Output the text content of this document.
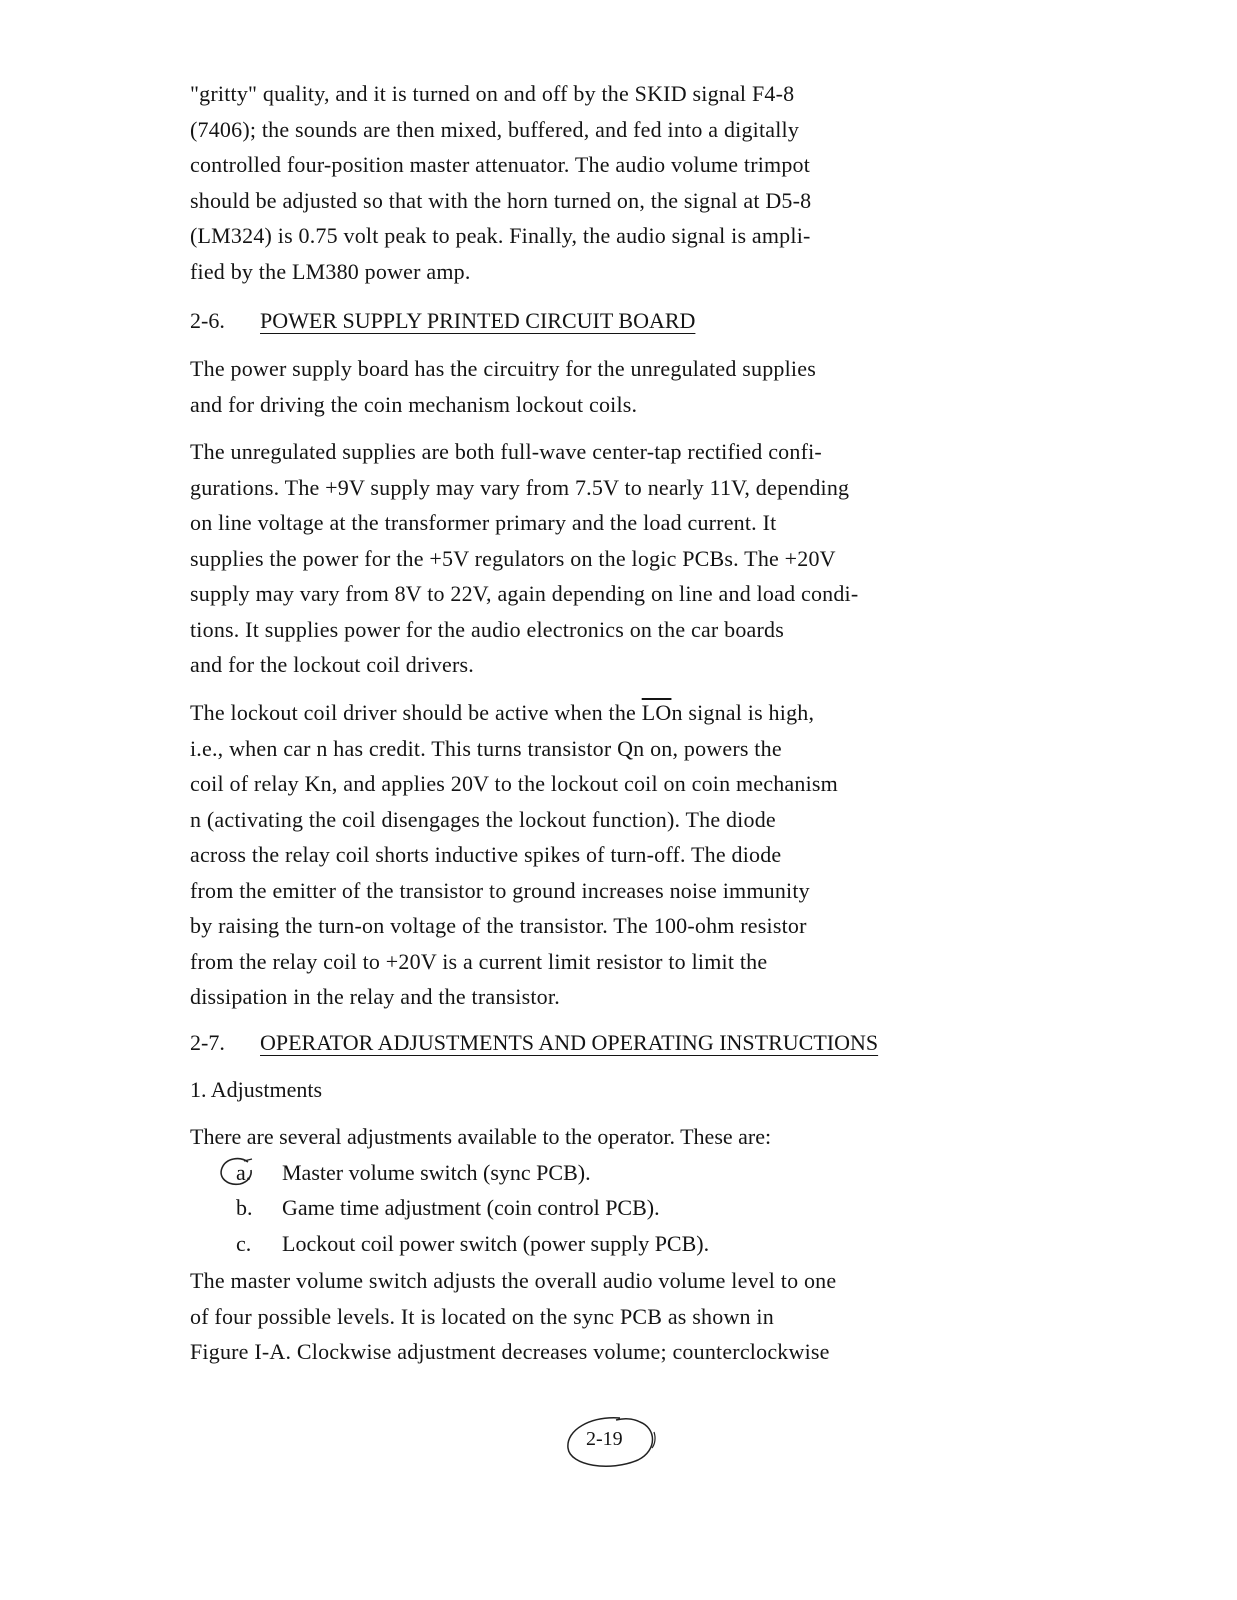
"gritty" quality, and it is turned on and off by the SKID signal F4-8
(7406); the sounds are then mixed, buffered, and fed into a digitally
controlled four-position master attenuator. The audio volume trimpot
should be adjusted so that with the horn turned on, the signal at D5-8
(LM324) is 0.75 volt peak to peak. Finally, the audio signal is ampli-
fied by the LM380 power amp.
2-6. POWER SUPPLY PRINTED CIRCUIT BOARD
The power supply board has the circuitry for the unregulated supplies
and for driving the coin mechanism lockout coils.
The unregulated supplies are both full-wave center-tap rectified confi-
gurations. The +9V supply may vary from 7.5V to nearly 11V, depending
on line voltage at the transformer primary and the load current. It
supplies the power for the +5V regulators on the logic PCBs. The +20V
supply may vary from 8V to 22V, again depending on line and load condi-
tions. It supplies power for the audio electronics on the car boards
and for the lockout coil drivers.
The lockout coil driver should be active when the $\overline{LO}n$ signal is high,
i.e., when car n has credit. This turns transistor Qn on, powers the
coil of relay Kn, and applies 20V to the lockout coil on coin mechanism
n (activating the coil disengages the lockout function). The diode
across the relay coil shorts inductive spikes of turn-off. The diode
from the emitter of the transistor to ground increases noise immunity
by raising the turn-on voltage of the transistor. The 100-ohm resistor
from the relay coil to +20V is a current limit resistor to limit the
dissipation in the relay and the transistor.
2-7. OPERATOR ADJUSTMENTS AND OPERATING INSTRUCTIONS
1. Adjustments
There are several adjustments available to the operator. These are:
a. Master volume switch (sync PCB).
b. Game time adjustment (coin control PCB).
c. Lockout coil power switch (power supply PCB).
The master volume switch adjusts the overall audio volume level to one
of four possible levels. It is located on the sync PCB as shown in
Figure I-A. Clockwise adjustment decreases volume; counterclockwise
2-19
